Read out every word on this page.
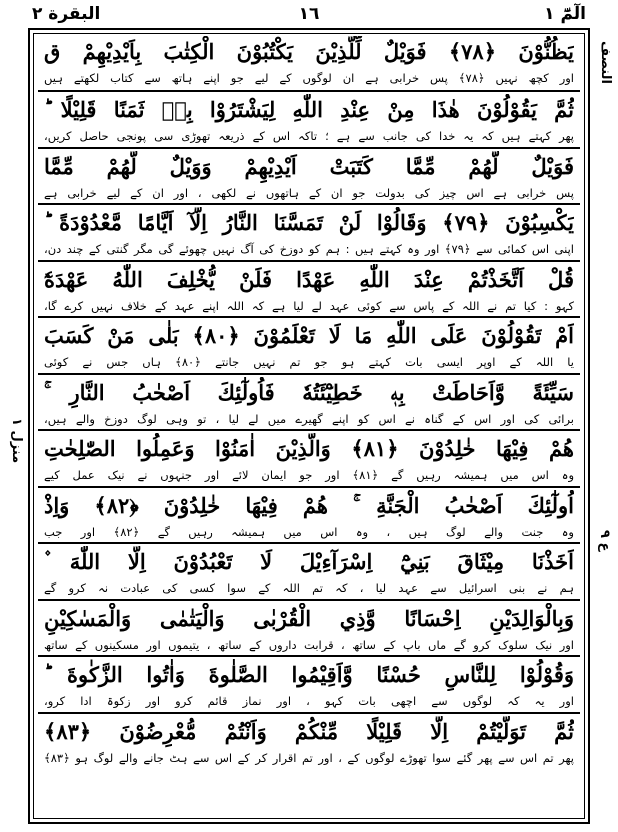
الٓمّٓ ١
١٦
البقرة ٢
النصف
منزل ١
ع ٩
يَظُنُّوْنَ ﴿٧٨﴾ فَوَيْلٌ لِّلَّذِيْنَ يَكْتُبُوْنَ الْكِتٰبَ بِاَيْدِيْهِمْ ق
اور کچھ نہیں ﴿٧٨﴾ پس خرابی ہے ان لوگوں کے لیے جو اپنے ہاتھ سے کتاب لکھتے ہیں
ثُمَّ يَقُوْلُوْنَ هٰذَا مِنْ عِنْدِ اللّٰهِ لِيَشْتَرُوْا بِهٖ ثَمَنًا قَلِيْلًا ؕ
پھر کہتے ہیں کہ یہ خدا کی جانب سے ہے ؛ تاکہ اس کے ذریعہ تھوڑی سی پونجی حاصل کریں،
فَوَيْلٌ لَّهُمْ مِّمَّا كَتَبَتْ اَيْدِيْهِمْ وَوَيْلٌ لَّهُمْ مِّمَّا
پس خرابی ہے اس چیز کی بدولت جو ان کے ہاتھوں نے لکھی ، اور ان کے لیے خرابی ہے
يَكْسِبُوْنَ ﴿٧٩﴾ وَقَالُوْا لَنْ تَمَسَّنَا النَّارُ اِلَّآ اَيَّامًا مَّعْدُوْدَةً ؕ
اپنی اس کمائی سے ﴿٧٩﴾ اور وہ کہتے ہیں : ہم کو دوزخ کی آگ نہیں چھوئے گی مگر گنتی کے چند دن،
قُلْ اَتَّخَذْتُمْ عِنْدَ اللّٰهِ عَهْدًا فَلَنْ يُّخْلِفَ اللّٰهُ عَهْدَهٗٓ
کہو : کیا تم نے اللہ کے پاس سے کوئی عہد لے لیا ہے کہ اللہ اپنے عہد کے خلاف نہیں کرے گا،
اَمْ تَقُوْلُوْنَ عَلَى اللّٰهِ مَا لَا تَعْلَمُوْنَ ﴿٨٠﴾ بَلٰى مَنْ كَسَبَ
یا اللہ کے اوپر ایسی بات کہتے ہو جو تم نہیں جانتے ﴿٨٠﴾ ہاں جس نے کوئی
سَيِّئَةً وَّاَحَاطَتْ بِهٖ خَطِيْٓئَتُهٗ فَاُولٰٓئِكَ اَصْحٰبُ النَّارِ ۚ
برائی کی اور اس کے گناہ نے اس کو اپنے گھیرے میں لے لیا ، تو وہی لوگ دوزخ والے ہیں،
هُمْ فِيْهَا خٰلِدُوْنَ ﴿٨١﴾ وَالَّذِيْنَ اٰمَنُوْا وَعَمِلُوا الصّٰلِحٰتِ
وہ اس میں ہمیشہ رہیں گے ﴿٨١﴾ اور جو ایمان لائے اور جنہوں نے نیک عمل کیے
اُولٰٓئِكَ اَصْحٰبُ الْجَنَّةِ ۚ هُمْ فِيْهَا خٰلِدُوْنَ ﴿٨٢﴾ وَاِذْ
وہ جنت والے لوگ ہیں ، وہ اس میں ہمیشہ رہیں گے ﴿٨٢﴾ اور جب
اَخَذْنَا مِيْثَاقَ بَنِيْٓ اِسْرَآءِيْلَ لَا تَعْبُدُوْنَ اِلَّا اللّٰهَ ۫
ہم نے بنی اسرائیل سے عہد لیا ، کہ تم اللہ کے سوا کسی کی عبادت نہ کرو گے
وَبِالْوَالِدَيْنِ اِحْسَانًا وَّذِي الْقُرْبٰى وَالْيَتٰمٰى وَالْمَسٰكِيْنِ
اور نیک سلوک کرو گے ماں باپ کے ساتھ ، قرابت داروں کے ساتھ ، یتیموں اور مسکینوں کے ساتھ
وَقُوْلُوْا لِلنَّاسِ حُسْنًا وَّاَقِيْمُوا الصَّلٰوةَ وَاٰتُوا الزَّكٰوةَ ؕ
اور یہ کہ لوگوں سے اچھی بات کہو ، اور نماز قائم کرو اور زکوۃ ادا کرو،
ثُمَّ تَوَلَّيْتُمْ اِلَّا قَلِيْلًا مِّنْكُمْ وَاَنْتُمْ مُّعْرِضُوْنَ ﴿٨٣﴾
پھر تم اس سے پھر گئے سوا تھوڑے لوگوں کے ، اور تم اقرار کر کے اس سے ہٹ جانے والے لوگ ہو ﴿٨٣﴾
